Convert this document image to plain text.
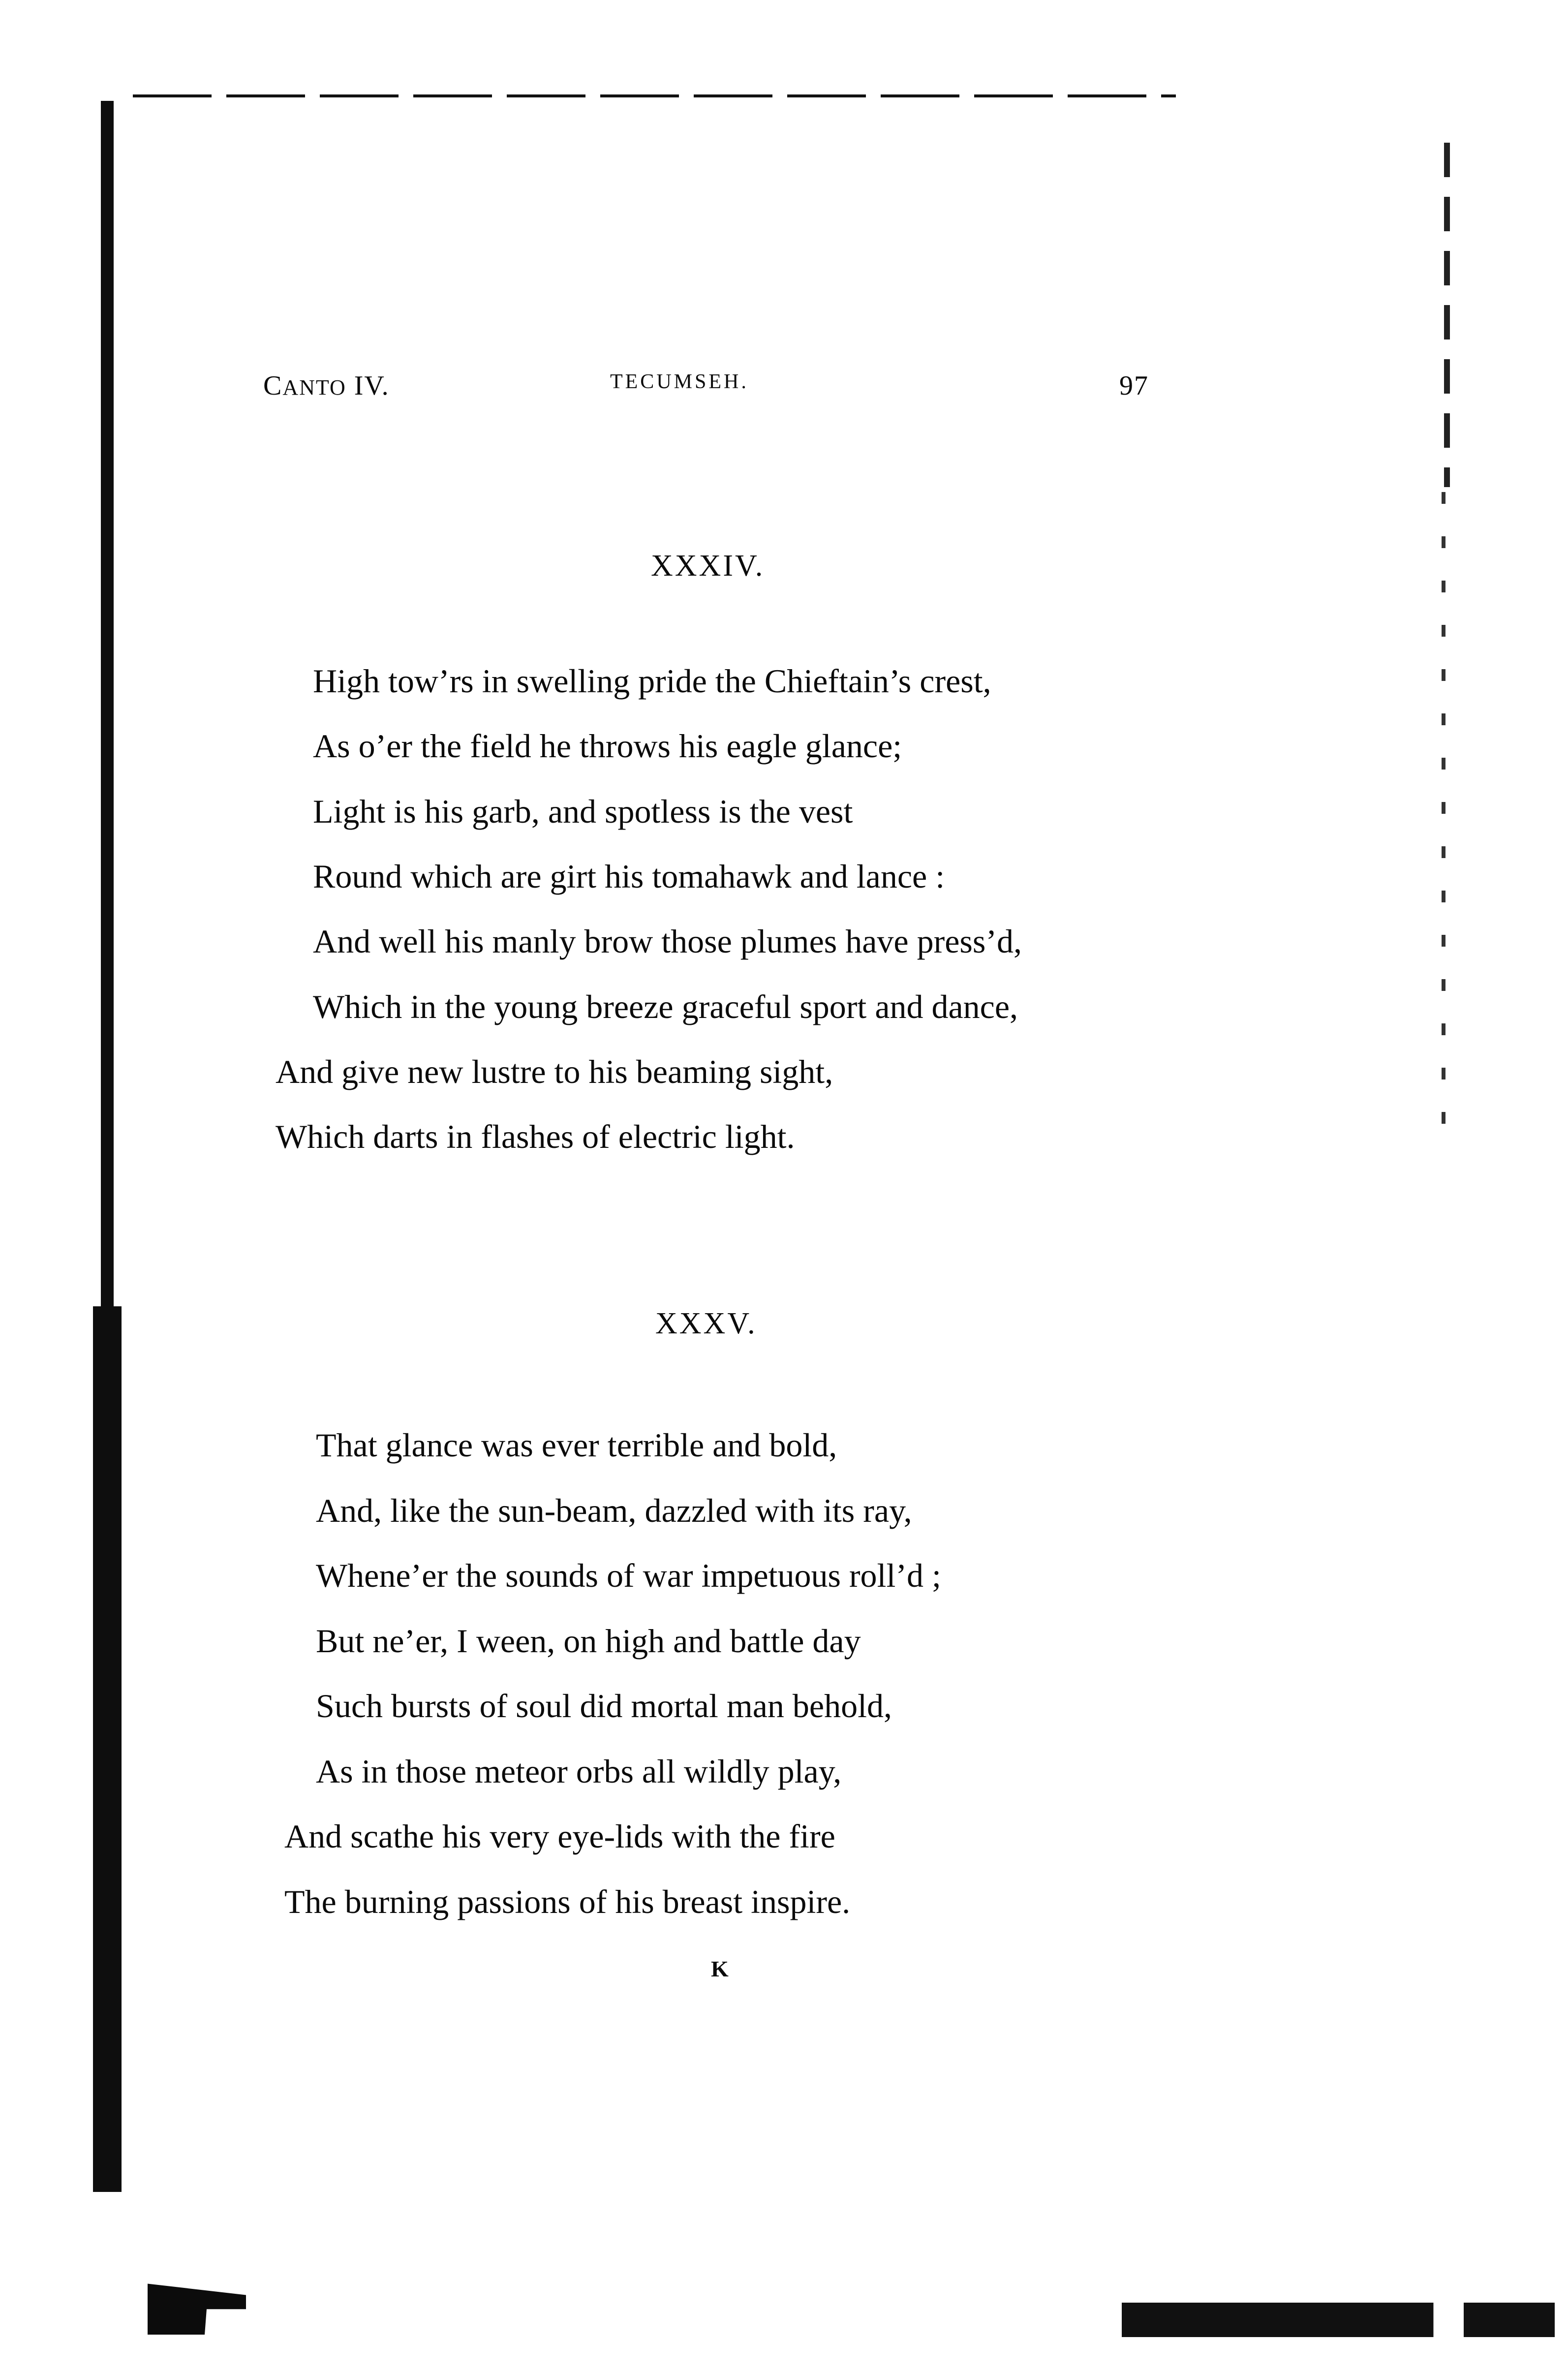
CANTO IV.	TECUMSEH.	97
XXXIV.
High tow’rs in swelling pride the Chieftain’s crest,
As o’er the field he throws his eagle glance;
Light is his garb, and spotless is the vest
Round which are girt his tomahawk and lance :
And well his manly brow those plumes have press’d,
Which in the young breeze graceful sport and dance,
And give new lustre to his beaming sight,
Which darts in flashes of electric light.
XXXV.
That glance was ever terrible and bold,
And, like the sun-beam, dazzled with its ray,
Whene’er the sounds of war impetuous roll’d ;
But ne’er, I ween, on high and battle day
Such bursts of soul did mortal man behold,
As in those meteor orbs all wildly play,
And scathe his very eye-lids with the fire
The burning passions of his breast inspire.
K
